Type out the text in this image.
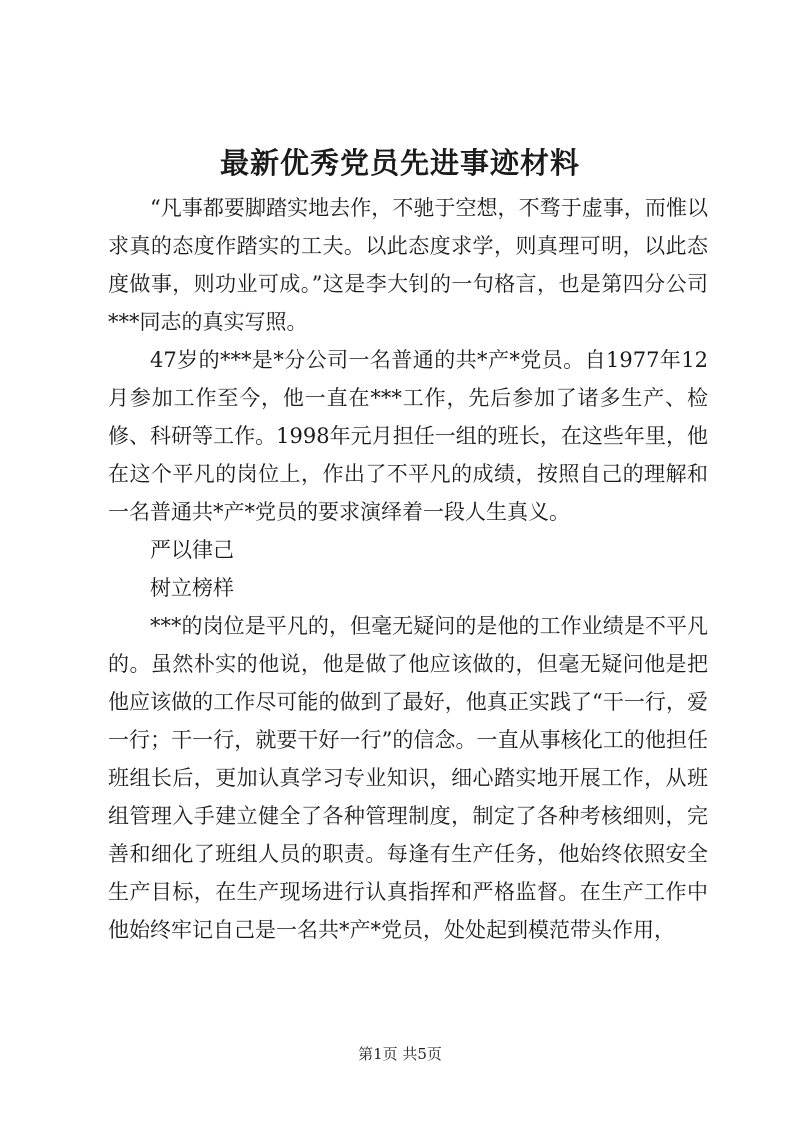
最新优秀党员先进事迹材料

“凡事都要脚踏实地去作，不驰于空想，不骛于虚事，而惟以求真的态度作踏实的工夫。以此态度求学，则真理可明，以此态度做事，则功业可成。”这是李大钊的一句格言，也是第四分公司***同志的真实写照。

47岁的***是*分公司一名普通的共*产*党员。自1977年12月参加工作至今，他一直在***工作，先后参加了诸多生产、检修、科研等工作。1998年元月担任一组的班长，在这些年里，他在这个平凡的岗位上，作出了不平凡的成绩，按照自己的理解和一名普通共*产*党员的要求演绎着一段人生真义。

严以律己

树立榜样

***的岗位是平凡的，但毫无疑问的是他的工作业绩是不平凡的。虽然朴实的他说，他是做了他应该做的，但毫无疑问他是把他应该做的工作尽可能的做到了最好，他真正实践了“干一行，爱一行；干一行，就要干好一行”的信念。一直从事核化工的他担任班组长后，更加认真学习专业知识，细心踏实地开展工作，从班组管理入手建立健全了各种管理制度，制定了各种考核细则，完善和细化了班组人员的职责。每逢有生产任务，他始终依照安全生产目标，在生产现场进行认真指挥和严格监督。在生产工作中他始终牢记自己是一名共*产*党员，处处起到模范带头作用，

第1页 共5页
